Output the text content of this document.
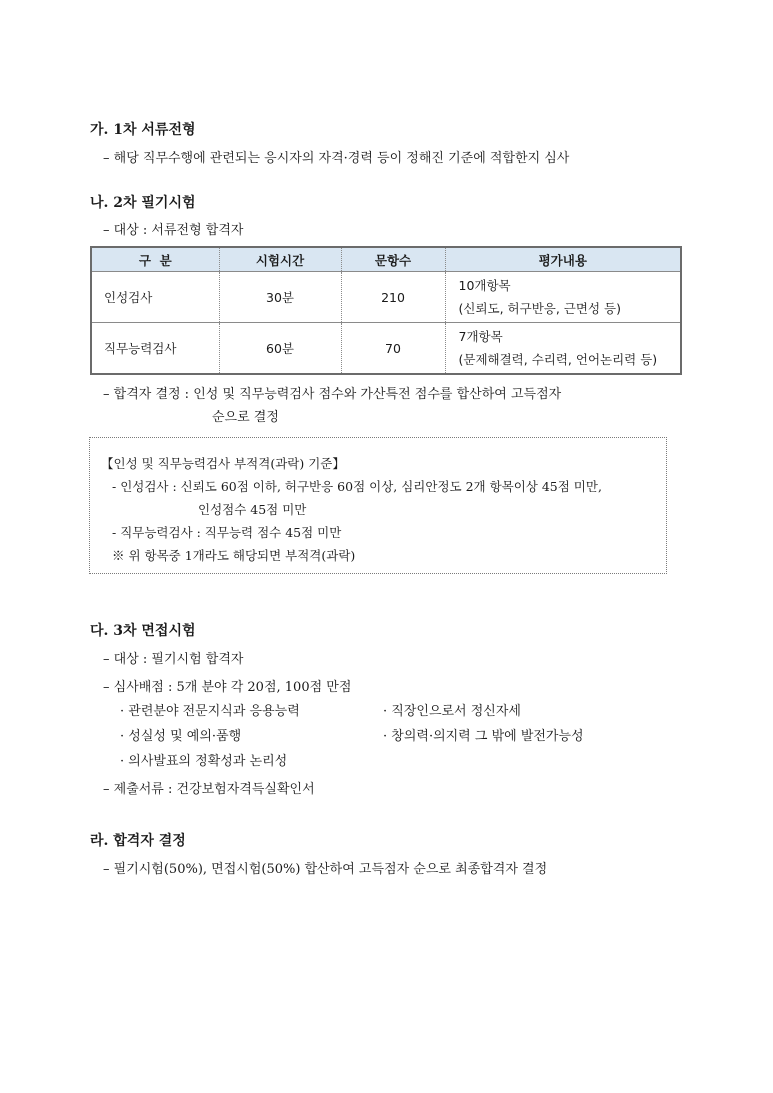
가. 1차 서류전형
– 해당 직무수행에 관련되는 응시자의 자격·경력 등이 정해진 기준에 적합한지 심사
나. 2차 필기시험
– 대상 : 서류전형 합격자
구  분	시험시간	문항수	평가내용
인성검사	30분	210	10개항목
(신뢰도, 허구반응, 근면성 등)

직무능력검사	60분	70	7개항목
(문제해결력, 수리력, 언어논리력 등)
– 합격자 결정 : 인성 및 직무능력검사 점수와 가산특전 점수를 합산하여 고득점자
순으로 결정
【인성 및 직무능력검사 부적격(과락) 기준】
- 인성검사 : 신뢰도 60점 이하, 허구반응 60점 이상, 심리안정도 2개 항목이상 45점 미만,
인성점수 45점 미만
- 직무능력검사 : 직무능력 점수 45점 미만
※ 위 항목중 1개라도 해당되면 부적격(과락)
다. 3차 면접시험
– 대상 : 필기시험 합격자
– 심사배점 : 5개 분야 각 20점, 100점 만점
· 관련분야 전문지식과 응용능력	· 직장인으로서 정신자세
· 성실성 및 예의·품행	· 창의력·의지력 그 밖에 발전가능성
· 의사발표의 정확성과 논리성
– 제출서류 : 건강보험자격득실확인서
라. 합격자 결정
– 필기시험(50%), 면접시험(50%) 합산하여 고득점자 순으로 최종합격자 결정
